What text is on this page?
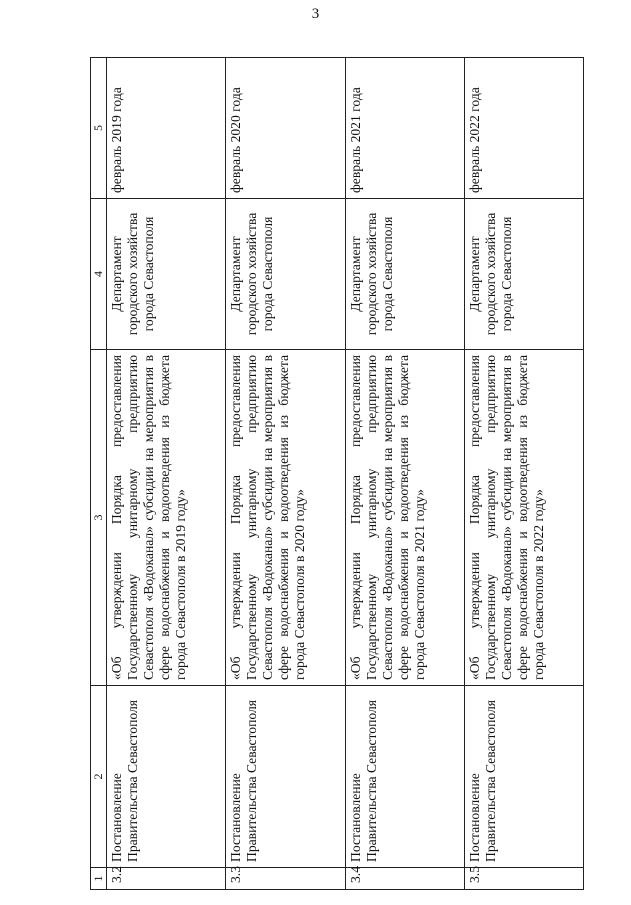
3
1	2	3	4	5
3.2	Постановление Правительства Севастополя	«Об утверждении Порядка предоставления Государственному унитарному предприятию Севастополя «Водоканал» субсидии на мероприятия в сфере водоснабжения и водоотведения из бюджета города Севастополя в 2019 году»	Департамент городского хозяйства города Севастополя	февраль 2019 года
3.3	Постановление Правительства Севастополя	«Об утверждении Порядка предоставления Государственному унитарному предприятию Севастополя «Водоканал» субсидии на мероприятия в сфере водоснабжения и водоотведения из бюджета города Севастополя в 2020 году»	Департамент городского хозяйства города Севастополя	февраль 2020 года
3.4	Постановление Правительства Севастополя	«Об утверждении Порядка предоставления Государственному унитарному предприятию Севастополя «Водоканал» субсидии на мероприятия в сфере водоснабжения и водоотведения из бюджета города Севастополя в 2021 году»	Департамент городского хозяйства города Севастополя	февраль 2021 года
3.5	Постановление Правительства Севастополя	«Об утверждении Порядка предоставления Государственному унитарному предприятию Севастополя «Водоканал» субсидии на мероприятия в сфере водоснабжения и водоотведения из бюджета города Севастополя в 2022 году»	Департамент городского хозяйства города Севастополя	февраль 2022 года
